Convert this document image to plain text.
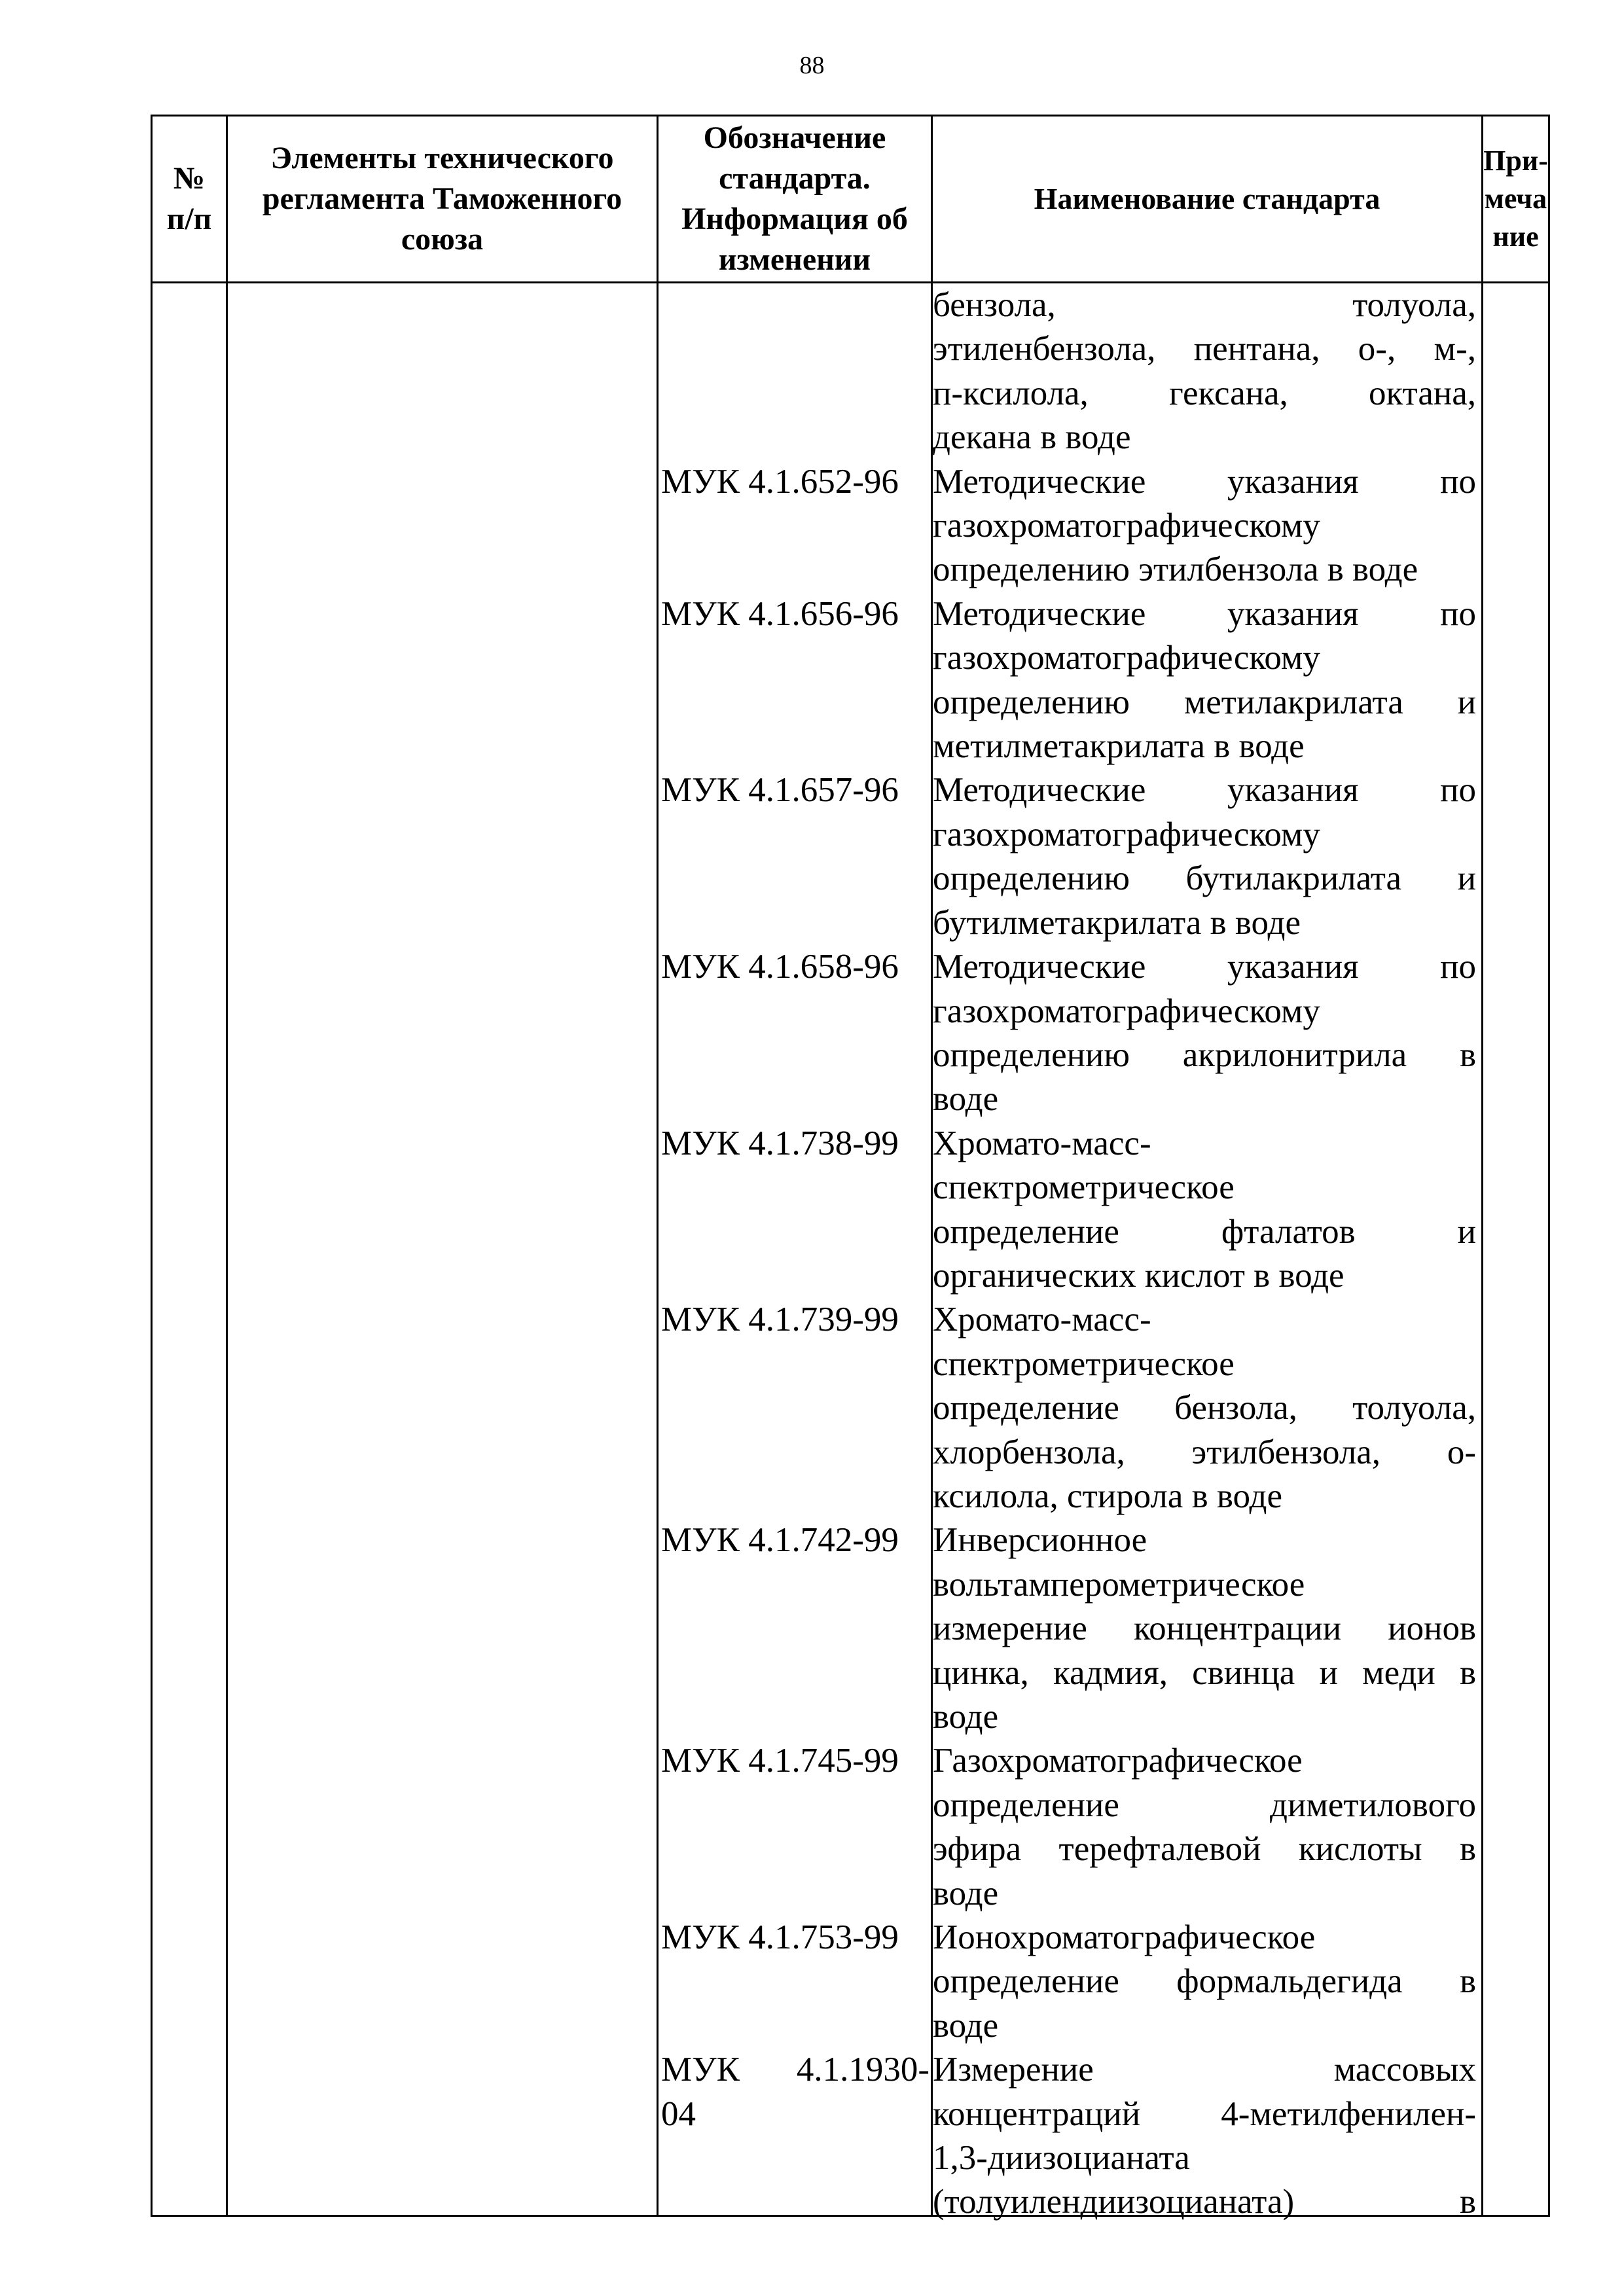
88
№
п/п
Элементы технического регламента Таможенного союза
Обозначение стандарта. Информация об изменении
Наименование стандарта
При-
меча
ние
бензола, толуола,
этиленбензола, пентана, о-, м-,
п-ксилола, гексана, октана,
декана в воде
МУК 4.1.652-96 Методические указания по
газохроматографическому
определению этилбензола в воде
МУК 4.1.656-96 Методические указания по
газохроматографическому
определению метилакрилата и
метилметакрилата в воде
МУК 4.1.657-96 Методические указания по
газохроматографическому
определению бутилакрилата и
бутилметакрилата в воде
МУК 4.1.658-96 Методические указания по
газохроматографическому
определению акрилонитрила в
воде
МУК 4.1.738-99 Хромато-масс-
спектрометрическое
определение фталатов и
органических кислот в воде
МУК 4.1.739-99 Хромато-масс-
спектрометрическое
определение бензола, толуола,
хлорбензола, этилбензола, о-
ксилола, стирола в воде
МУК 4.1.742-99 Инверсионное
вольтамперометрическое
измерение концентрации ионов
цинка, кадмия, свинца и меди в
воде
МУК 4.1.745-99 Газохроматографическое
определение диметилового
эфира терефталевой кислоты в
воде
МУК 4.1.753-99 Ионохроматографическое
определение формальдегида в
воде
МУК 4.1.1930-
04
Измерение массовых
концентраций 4-метилфенилен-
1,3-диизоцианата
(толуилендиизоцианата) в
